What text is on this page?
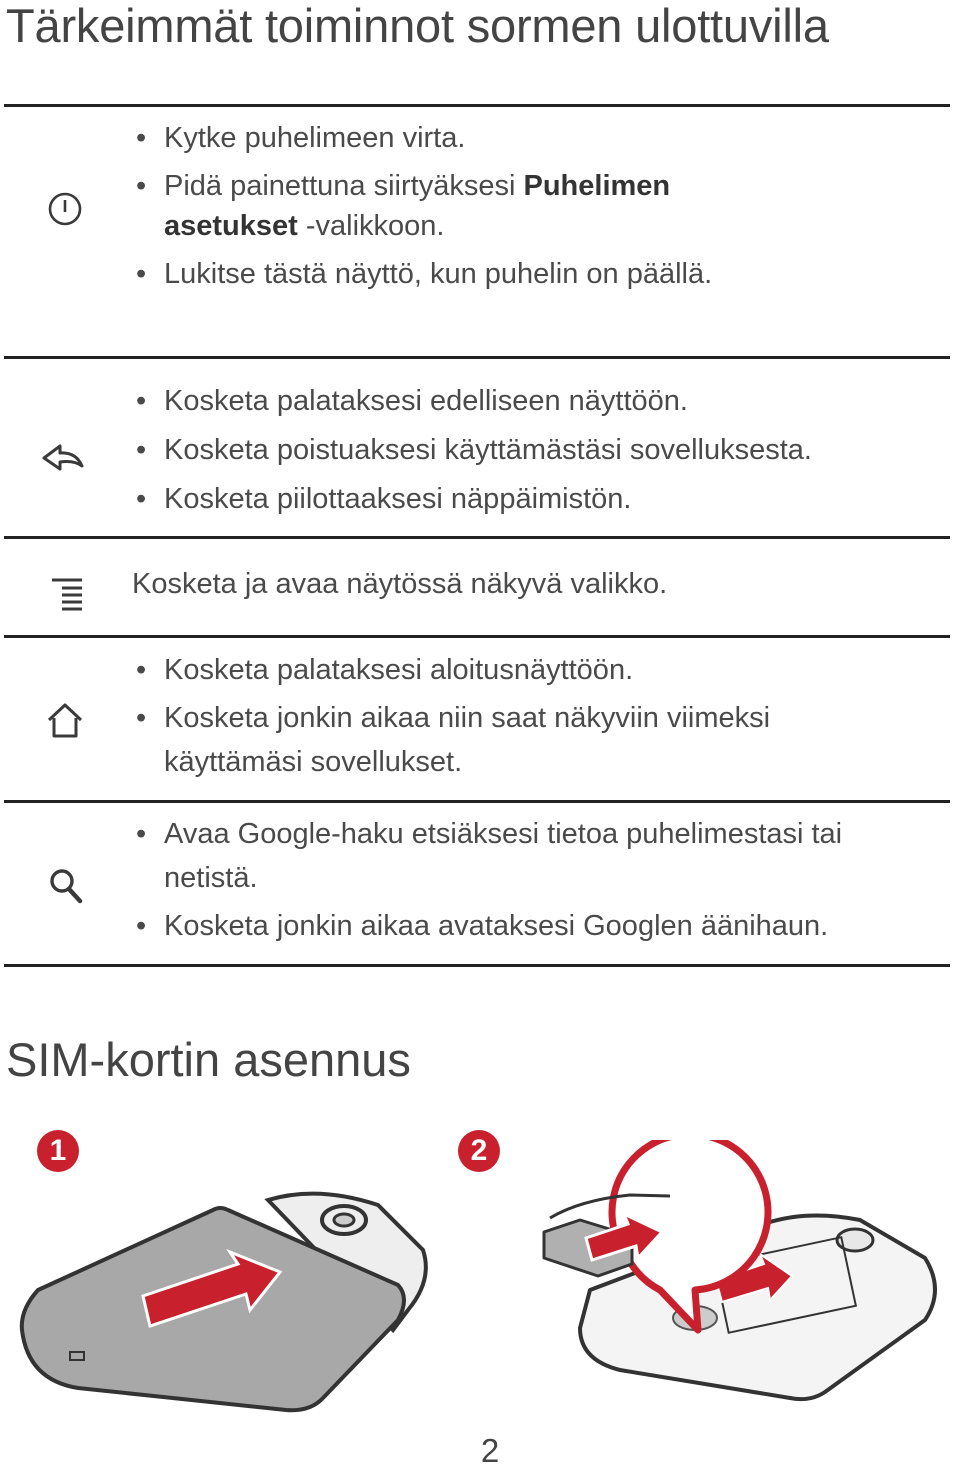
Tärkeimmät toiminnot sormen ulottuvilla
• Kytke puhelimeen virta.
• Pidä painettuna siirtyäksesi Puhelimen
asetukset -valikkoon.
• Lukitse tästä näyttö, kun puhelin on päällä.
• Kosketa palataksesi edelliseen näyttöön.
• Kosketa poistuaksesi käyttämästäsi sovelluksesta.
• Kosketa piilottaaksesi näppäimistön.
Kosketa ja avaa näytössä näkyvä valikko.
• Kosketa palataksesi aloitusnäyttöön.
• Kosketa jonkin aikaa niin saat näkyviin viimeksi käyttämäsi sovellukset.
• Avaa Google-haku etsiäksesi tietoa puhelimestasi tai netistä.
• Kosketa jonkin aikaa avataksesi Googlen äänihaun.
SIM-kortin asennus
1	2
2
